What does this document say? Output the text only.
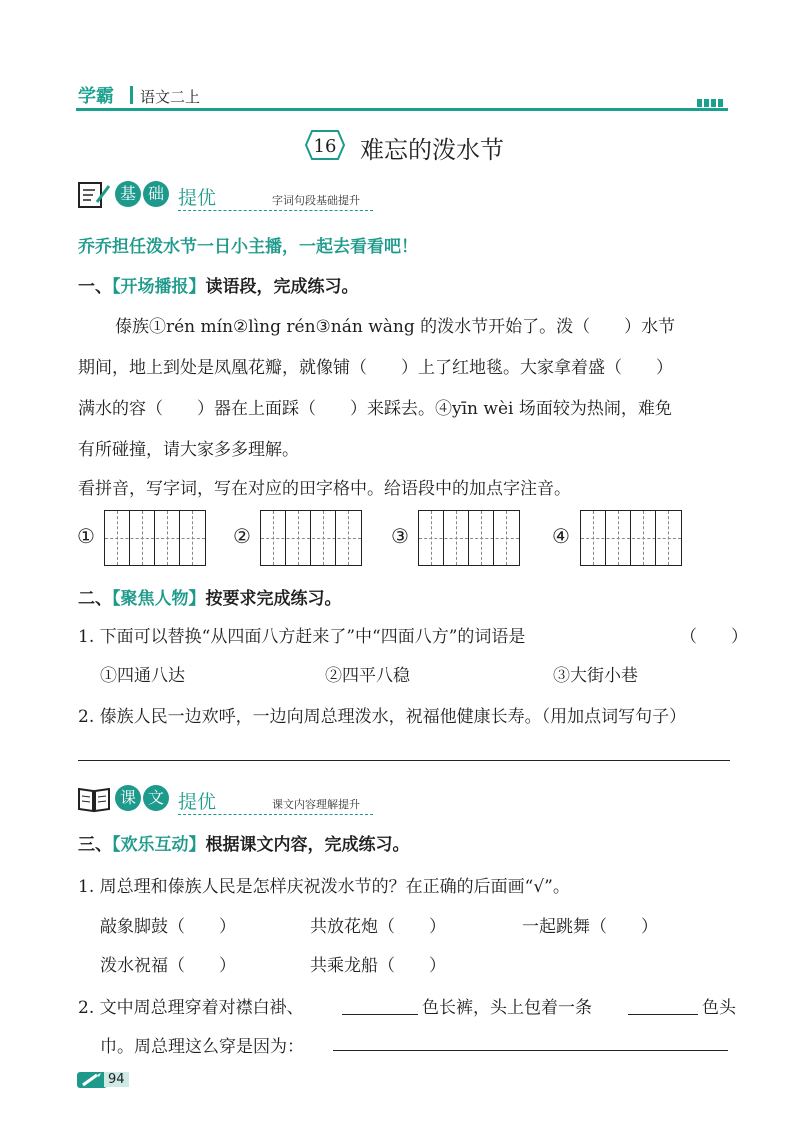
学霸 语文二上
16 难忘的泼水节
基 础 提优	字词句段基础提升
乔乔担任泼水节一日小主播，一起去看看吧！
一、【开场播报】读语段，完成练习。
傣族①rén mín②lìng rén③nán wàng 的泼水节开始了。泼（　　）水节
期间，地上到处是凤凰花瓣，就像铺（　　）上了红地毯。大家拿着盛（　　）
满水的容（　　）器在上面踩（　　）来踩去。④yīn wèi 场面较为热闹，难免
有所碰撞，请大家多多理解。
看拼音，写字词，写在对应的田字格中。给语段中的加点字注音。
①	②	③	④
二、【聚焦人物】按要求完成练习。
1. 下面可以替换“从四面八方赶来了”中“四面八方”的词语是	（　　）
①四通八达	②四平八稳	③大街小巷
2. 傣族人民一边欢呼，一边向周总理泼水，祝福他健康长寿。（用加点词写句子）
课 文 提优	课文内容理解提升
三、【欢乐互动】根据课文内容，完成练习。
1. 周总理和傣族人民是怎样庆祝泼水节的？在正确的后面画“√”。
敲象脚鼓（　　）	共放花炮（　　）	一起跳舞（　　）
泼水祝福（　　）	共乘龙船（　　）
2. 文中周总理穿着对襟白褂、	色长裤，头上包着一条	色头
巾。周总理这么穿是因为：
94
